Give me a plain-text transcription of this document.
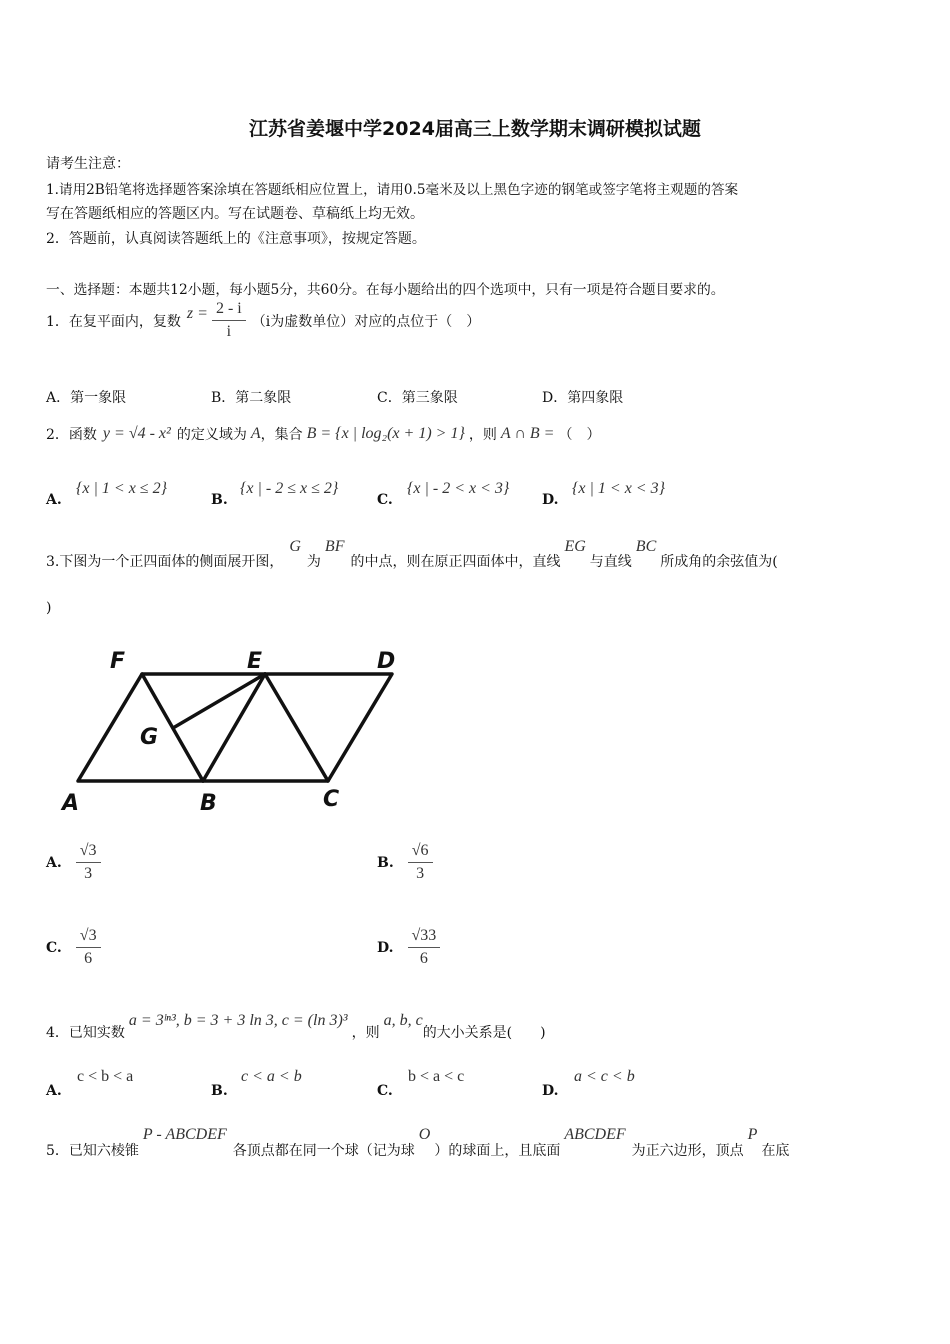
江苏省姜堰中学2024届高三上数学期末调研模拟试题
请考生注意：
1.请用2B铅笔将选择题答案涂填在答题纸相应位置上，请用0.5毫米及以上黑色字迹的钢笔或签字笔将主观题的答案
写在答题纸相应的答题区内。写在试题卷、草稿纸上均无效。
2．答题前，认真阅读答题纸上的《注意事项》，按规定答题。
一、选择题：本题共12小题，每小题5分，共60分。在每小题给出的四个选项中，只有一项是符合题目要求的。
1．在复平面内，复数 $z = \frac{2 - i}{i} (i$为虚数单位）对应的点位于（　）
A．第一象限	B．第二象限	C．第三象限	D．第四象限
2．函数 y = √4 - x² 的定义域为 A ，集合 B = {x | log₂(x + 1) > 1} ，则 A ∩ B = （　）
A.
{x | 1 < x ≤ 2}
B.
{x | - 2 ≤ x ≤ 2}
C.
{x | - 2 < x < 3}
D.
{x | 1 < x < 3}
3.下图为一个正四面体的侧面展开图，
G
为
BF
的中点，则在原正四面体中，直线
EG
与直线
BC
所成角的余弦值为(
)
F	E	D
G
A	B	C
A. $\frac{√3}{3}$	B. $\frac{√6}{3}$
C. $\frac{√3}{6}$	D. $\frac{√33}{6}$
4．已知实数
a = 3ˡⁿ³, b = 3 + 3 ln 3, c = (ln 3)³
，则
a, b, c
的大小关系是(　　)
A.
c < b < a
B.
c < a < b
C.
b < a < c
D.
a < c < b
5．已知六棱锥
P - ABCDEF
各顶点都在同一个球（记为球
O
）的球面上，且底面
ABCDEF
为正六边形，顶点
P
在底
